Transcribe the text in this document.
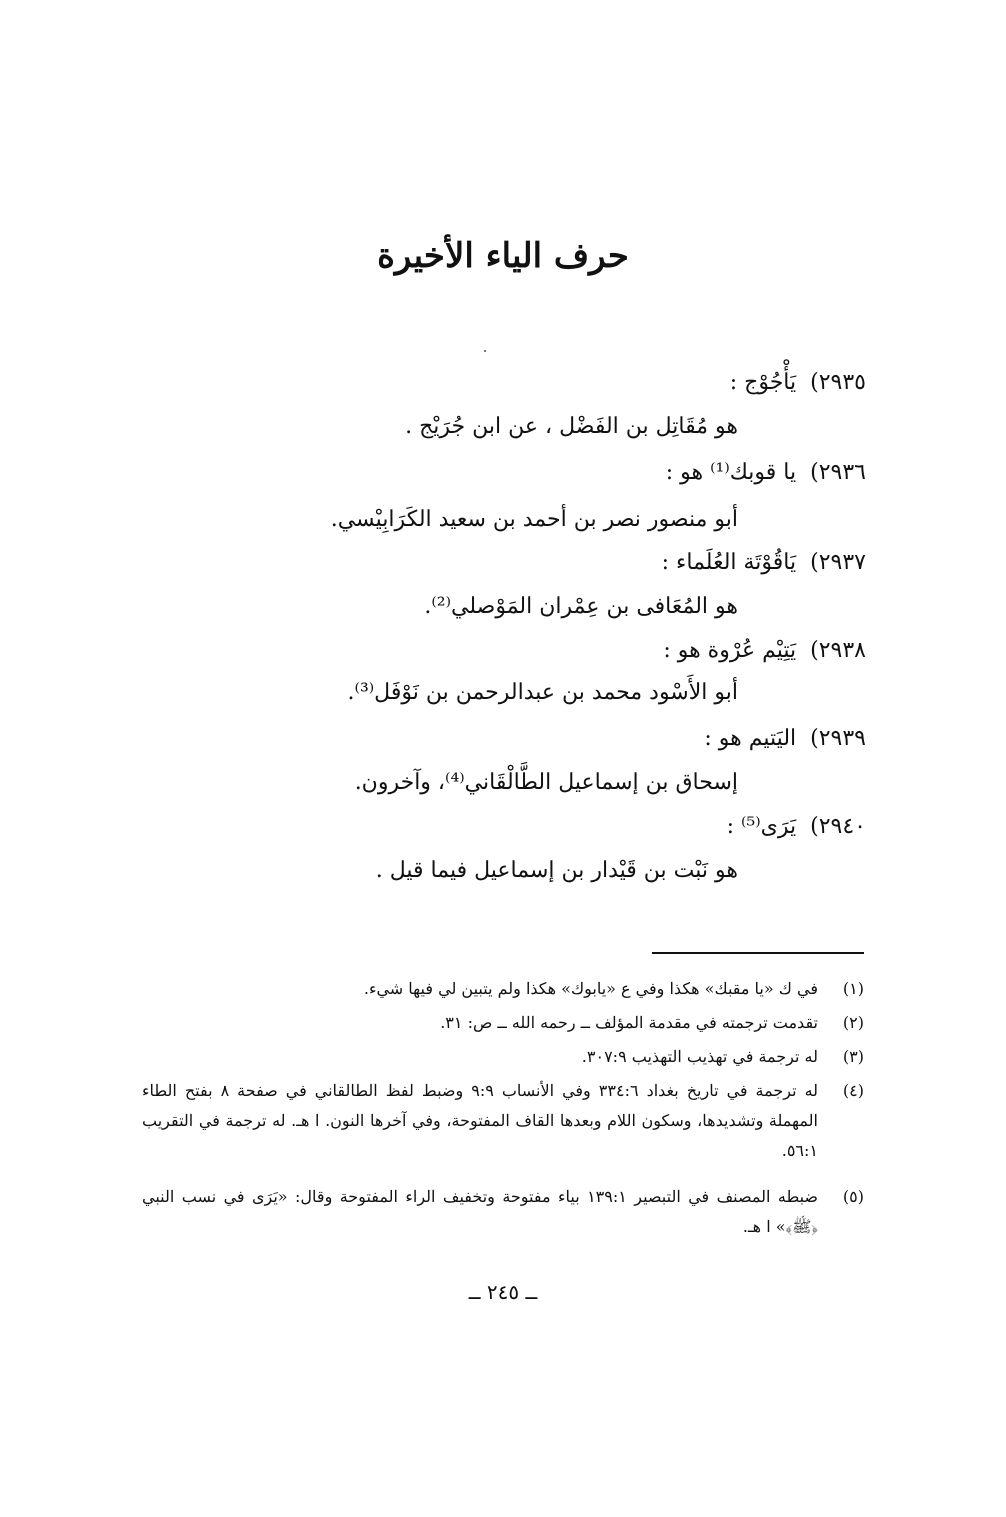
حرف الياء الأخيرة
٢٩٣٥)يَأْجُوْج :
هو مُقَاتِل بن الفَضْل ، عن ابن جُرَيْج .
٢٩٣٦)يا قوبك⁽¹⁾ هو :
أبو منصور نصر بن أحمد بن سعيد الكَرَابِيْسي.
٢٩٣٧)يَاقُوْتَة العُلَماء :
هو المُعَافى بن عِمْران المَوْصلي⁽²⁾.
٢٩٣٨)يَتِيْم عُرْوة هو :
أبو الأَسْود محمد بن عبدالرحمن بن نَوْفَل⁽³⁾.
٢٩٣٩)اليَتيم هو :
إسحاق بن إسماعيل الطَّالْقَاني⁽⁴⁾، وآخرون.
٢٩٤٠)يَرَى⁽⁵⁾ :
هو نَبْت بن قَيْدار بن إسماعيل فيما قيل .
(١)
في ك «يا مقبك» هكذا وفي ع «يابوك» هكذا ولم يتبين لي فيها شيء.
(٢)
تقدمت ترجمته في مقدمة المؤلف ــ رحمه الله ــ ص: ٣١.
(٣)
له ترجمة في تهذيب التهذيب ٣٠٧:٩.
(٤)
له ترجمة في تاريخ بغداد ٣٣٤:٦ وفي الأنساب ٩:٩ وضبط لفظ الطالقاني في صفحة ٨ بفتح الطاء المهملة وتشديدها، وسكون اللام وبعدها القاف المفتوحة، وفي آخرها النون. ا هـ. له ترجمة في التقريب ٥٦:١.
(٥)
ضبطه المصنف في التبصير ١٣٩:١ بياء مفتوحة وتخفيف الراء المفتوحة وقال: «يَرَى في نسب النبي ﴿ﷺ﴾» ا هـ.
ــ ٢٤٥ ــ
